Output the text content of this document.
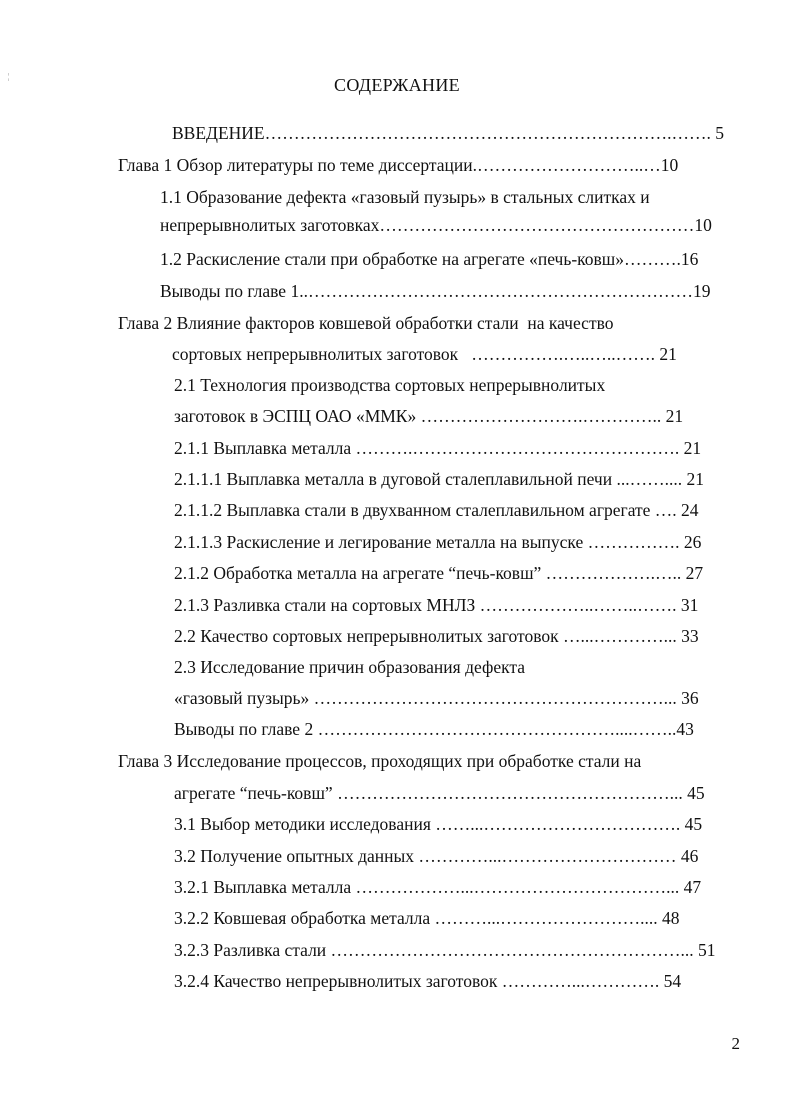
¦	СОДЕРЖАНИЕ
ВВЕДЕНИЕ…………………………………………………………….……. 5
Глава 1 Обзор литературы по теме диссертации.………………………..…10
1.1 Образование дефекта «газовый пузырь» в стальных слитках и
непрерывнолитых заготовках………………………………………………10
1.2 Раскисление стали при обработке на агрегате «печь-ковш»……….16
Выводы по главе 1..…………………………………………………………19
Глава 2 Влияние факторов ковшевой обработки стали  на качество
сортовых непрерывнолитых заготовок   …………….…..…..……. 21
2.1 Технология производства сортовых непрерывнолитых
заготовок в ЭСПЦ ОАО «ММК» ……………………….………….. 21
2.1.1 Выплавка металла ……….………………………………………. 21
2.1.1.1 Выплавка металла в дуговой сталеплавильной печи ...…….... 21
2.1.1.2 Выплавка стали в двухванном сталеплавильном агрегате …. 24
2.1.1.3 Раскисление и легирование металла на выпуске ……………. 26
2.1.2 Обработка металла на агрегате “печь-ковш” ……………….….. 27
2.1.3 Разливка стали на сортовых МНЛЗ ………………..……..……. 31
2.2 Качество сортовых непрерывнолитых заготовок …...…………... 33
2.3 Исследование причин образования дефекта
«газовый пузырь» ……………………………………………………... 36
Выводы по главе 2 ……………………………………………....……..43
Глава 3 Исследование процессов, проходящих при обработке стали на
агрегате “печь-ковш” …………………………………………………... 45
3.1 Выбор методики исследования ……...……………………………. 45
3.2 Получение опытных данных …………...………………………… 46
3.2.1 Выплавка металла ………………...……………………………... 47
3.2.2 Ковшевая обработка металла ………...…………………….... 48
3.2.3 Разливка стали ……………………………………………………... 51
3.2.4 Качество непрерывнолитых заготовок …………...…………. 54
2
